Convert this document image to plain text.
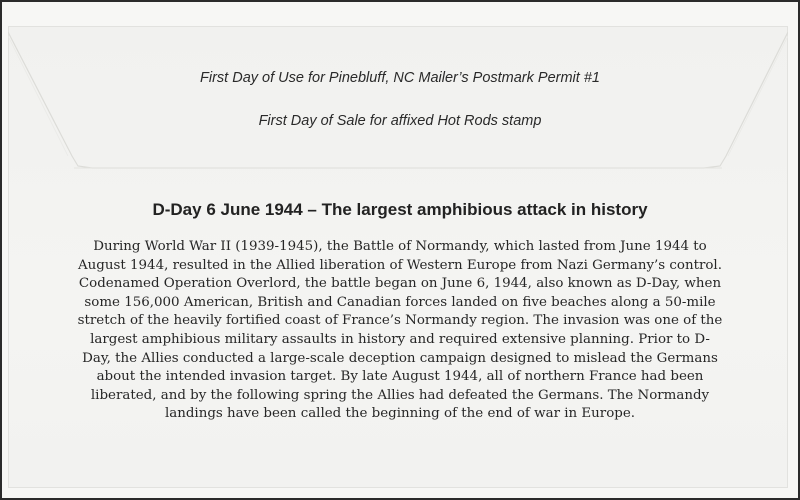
First Day of Use for Pinebluff, NC Mailer’s Postmark Permit #1
First Day of Sale for affixed Hot Rods stamp
D-Day 6 June 1944 – The largest amphibious attack in history
During World War II (1939-1945), the Battle of Normandy, which lasted from June 1944 to
August 1944, resulted in the Allied liberation of Western Europe from Nazi Germany’s control.
Codenamed Operation Overlord, the battle began on June 6, 1944, also known as D-Day, when
some 156,000 American, British and Canadian forces landed on five beaches along a 50-mile
stretch of the heavily fortified coast of France’s Normandy region. The invasion was one of the
largest amphibious military assaults in history and required extensive planning. Prior to D-
Day, the Allies conducted a large-scale deception campaign designed to mislead the Germans
about the intended invasion target. By late August 1944, all of northern France had been
liberated, and by the following spring the Allies had defeated the Germans. The Normandy
landings have been called the beginning of the end of war in Europe.
